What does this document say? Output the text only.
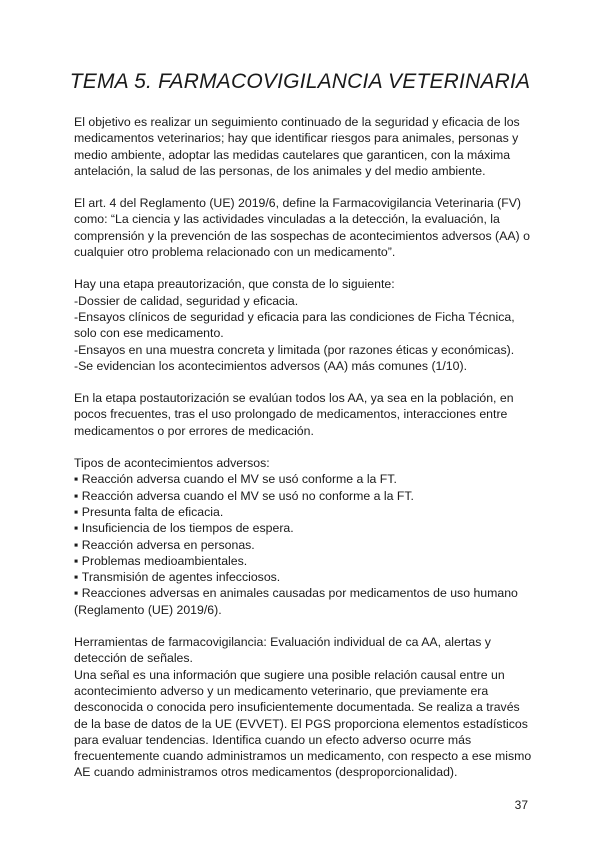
TEMA 5. FARMACOVIGILANCIA VETERINARIA

El objetivo es realizar un seguimiento continuado de la seguridad y eficacia de los medicamentos veterinarios; hay que identificar riesgos para animales, personas y medio ambiente, adoptar las medidas cautelares que garanticen, con la máxima antelación, la salud de las personas, de los animales y del medio ambiente.

El art. 4 del Reglamento (UE) 2019/6, define la Farmacovigilancia Veterinaria (FV) como: “La ciencia y las actividades vinculadas a la detección, la evaluación, la comprensión y la prevención de las sospechas de acontecimientos adversos (AA) o cualquier otro problema relacionado con un medicamento”.

Hay una etapa preautorización, que consta de lo siguiente:

-Dossier de calidad, seguridad y eficacia.

-Ensayos clínicos de seguridad y eficacia para las condiciones de Ficha Técnica, solo con ese medicamento.

-Ensayos en una muestra concreta y limitada (por razones éticas y económicas).

-Se evidencian los acontecimientos adversos (AA) más comunes (1/10).

En la etapa postautorización se evalúan todos los AA, ya sea en la población, en pocos frecuentes, tras el uso prolongado de medicamentos, interacciones entre medicamentos o por errores de medicación.

Tipos de acontecimientos adversos:

▪ Reacción adversa cuando el MV se usó conforme a la FT.

▪ Reacción adversa cuando el MV se usó no conforme a la FT.

▪ Presunta falta de eficacia.

▪ Insuficiencia de los tiempos de espera.

▪ Reacción adversa en personas.

▪ Problemas medioambientales.

▪ Transmisión de agentes infecciosos.

▪ Reacciones adversas en animales causadas por medicamentos de uso humano (Reglamento (UE) 2019/6).

Herramientas de farmacovigilancia: Evaluación individual de ca AA, alertas y detección de señales.

Una señal es una información que sugiere una posible relación causal entre un acontecimiento adverso y un medicamento veterinario, que previamente era desconocida o conocida pero insuficientemente documentada. Se realiza a través de la base de datos de la UE (EVVET). El PGS proporciona elementos estadísticos para evaluar tendencias. Identifica cuando un efecto adverso ocurre más frecuentemente cuando administramos un medicamento, con respecto a ese mismo AE cuando administramos otros medicamentos (desproporcionalidad).

37
